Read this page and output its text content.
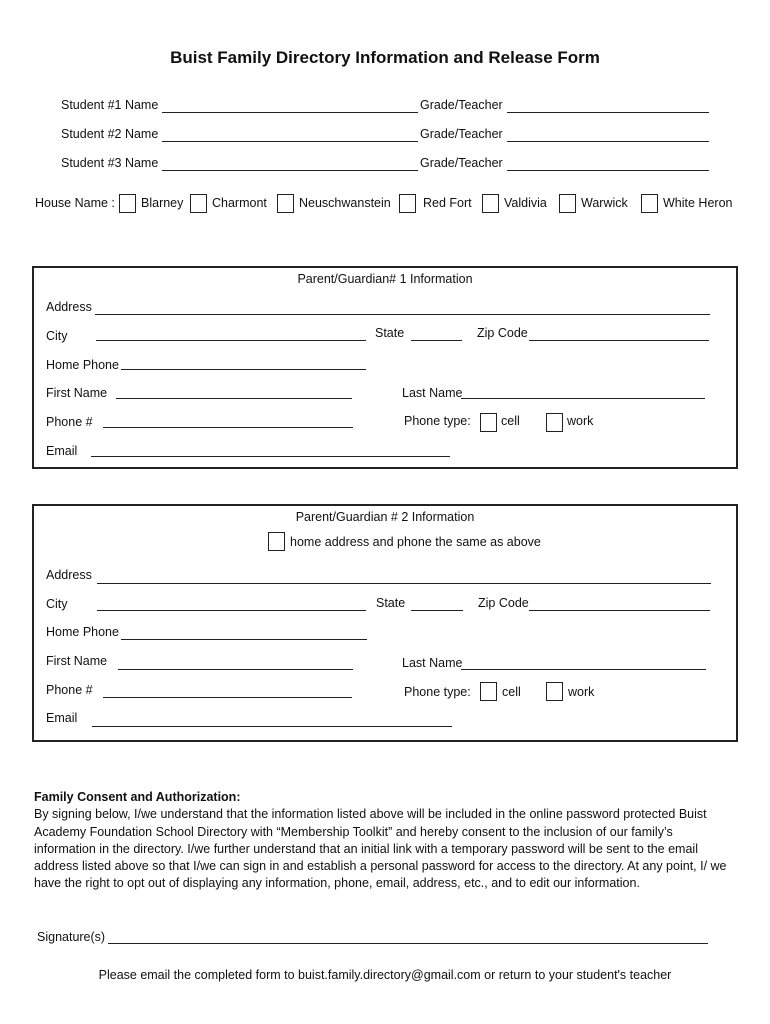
Buist Family Directory Information and Release Form
Student #1 Name	Grade/Teacher
Student #2 Name	Grade/Teacher
Student #3 Name	Grade/Teacher
House Name : Blarney Charmont	Neuschwanstein	Red Fort	Valdivia	Warwick	White Heron
Parent/Guardian# 1 Information
Address
City	State	Zip Code
Home Phone
First Name	Last Name
Phone #	Phone type: cell	work
Email
Parent/Guardian # 2 Information
home address and phone the same as above
Address
City	State	Zip Code
Home Phone
First Name	Last Name
Phone #	Phone type:	cell	work
Email
Family Consent and Authorization:
By signing below, I/we understand that the information listed above will be included in the online password protected Buist Academy Foundation School Directory with “Membership Toolkit” and hereby consent to the inclusion of our family’s information in the directory. I/we further understand that an initial link with a temporary password will be sent to the email address listed above so that I/we can sign in and establish a personal password for access to the directory. At any point, I/ we have the right to opt out of displaying any information, phone, email, address, etc., and to edit our information.
Signature(s)
Please email the completed form to buist.family.directory@gmail.com or return to your student's teacher
